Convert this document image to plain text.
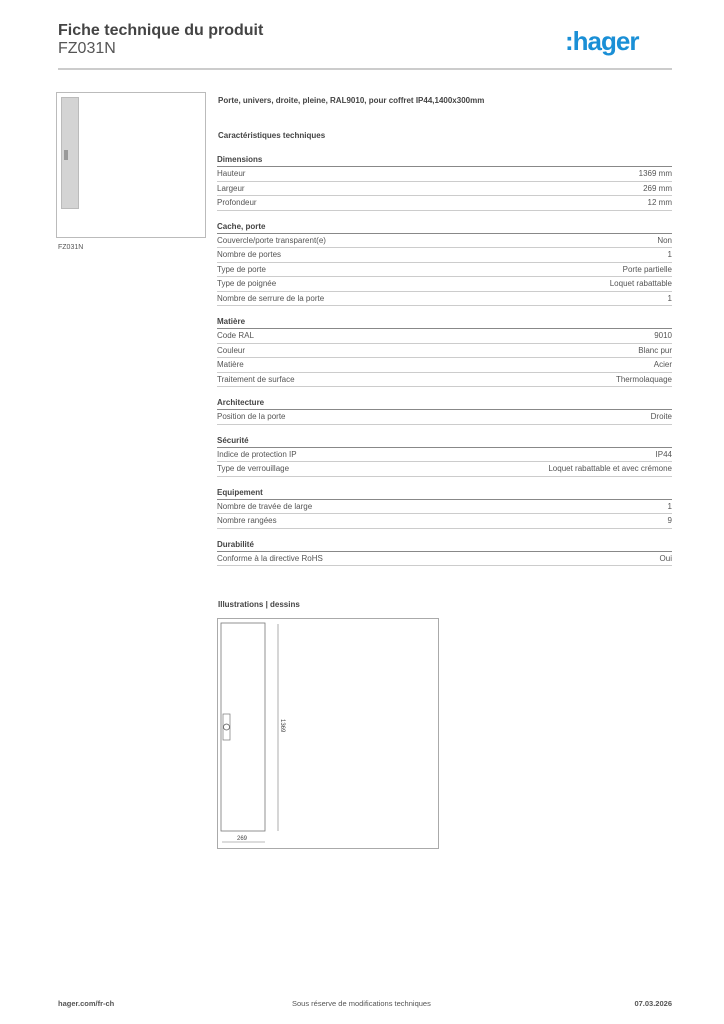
Fiche technique du produit
FZ031N	:hager
FZ031N
Porte, univers, droite, pleine, RAL9010, pour coffret IP44,1400x300mm
Caractéristiques techniques
Dimensions
Hauteur	1369 mm
Largeur	269 mm
Profondeur	12 mm
Cache, porte
Couvercle/porte transparent(e)	Non
Nombre de portes	1
Type de porte	Porte partielle
Type de poignée	Loquet rabattable
Nombre de serrure de la porte	1
Matière
Code RAL	9010
Couleur	Blanc pur
Matière	Acier
Traitement de surface	Thermolaquage
Architecture
Position de la porte	Droite
Sécurité
Indice de protection IP	IP44
Type de verrouillage	Loquet rabattable et avec crémone
Equipement
Nombre de travée de large	1
Nombre rangées	9
Durabilité
Conforme à la directive RoHS	Oui
Illustrations | dessins
1369
269
hager.com/fr-ch	Sous réserve de modifications techniques	07.03.2026
